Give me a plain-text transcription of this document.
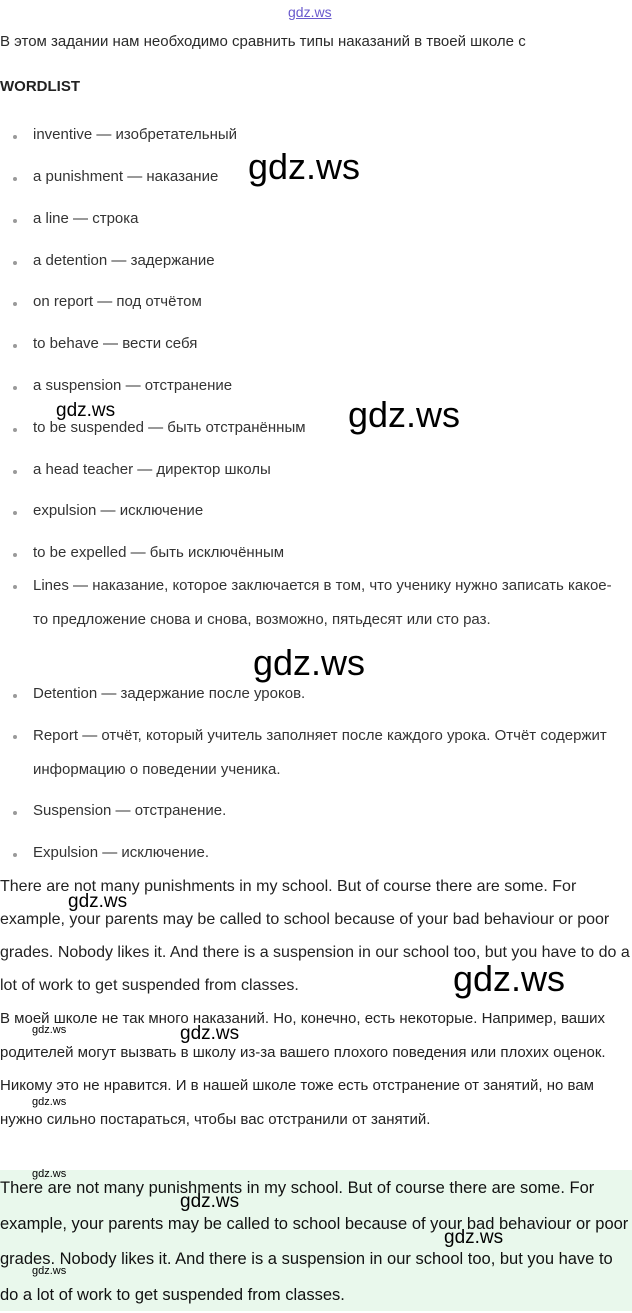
gdz.ws
В этом задании нам необходимо сравнить типы наказаний в твоей школе с
WORDLIST
inventive — изобретательный
a punishment — наказание
a line — строка
a detention — задержание
on report — под отчётом
to behave — вести себя
a suspension — отстранение
to be suspended — быть отстранённым
a head teacher — директор школы
expulsion — исключение
to be expelled — быть исключённым
Lines — наказание, которое заключается в том, что ученику нужно записать какое-то предложение снова и снова, возможно, пятьдесят или сто раз.
Detention — задержание после уроков.
Report — отчёт, который учитель заполняет после каждого урока. Отчёт содержит информацию о поведении ученика.
Suspension — отстранение.
Expulsion — исключение.
There are not many punishments in my school. But of course there are some. For example, your parents may be called to school because of your bad behaviour or poor grades. Nobody likes it. And there is a suspension in our school too, but you have to do a lot of work to get suspended from classes.
В моей школе не так много наказаний. Но, конечно, есть некоторые. Например, ваших родителей могут вызвать в школу из-за вашего плохого поведения или плохих оценок. Никому это не нравится. И в нашей школе тоже есть отстранение от занятий, но вам нужно сильно постараться, чтобы вас отстранили от занятий.
There are not many punishments in my school. But of course there are some. For example, your parents may be called to school because of your bad behaviour or poor grades. Nobody likes it. And there is a suspension in our school too, but you have to do a lot of work to get suspended from classes.
gdz.ws
gdz.ws	gdz.ws
gdz.ws
gdz.ws
gdz.ws
gdz.ws	gdz.ws
gdz.ws
gdz.ws
gdz.ws
gdz.ws
gdz.ws
